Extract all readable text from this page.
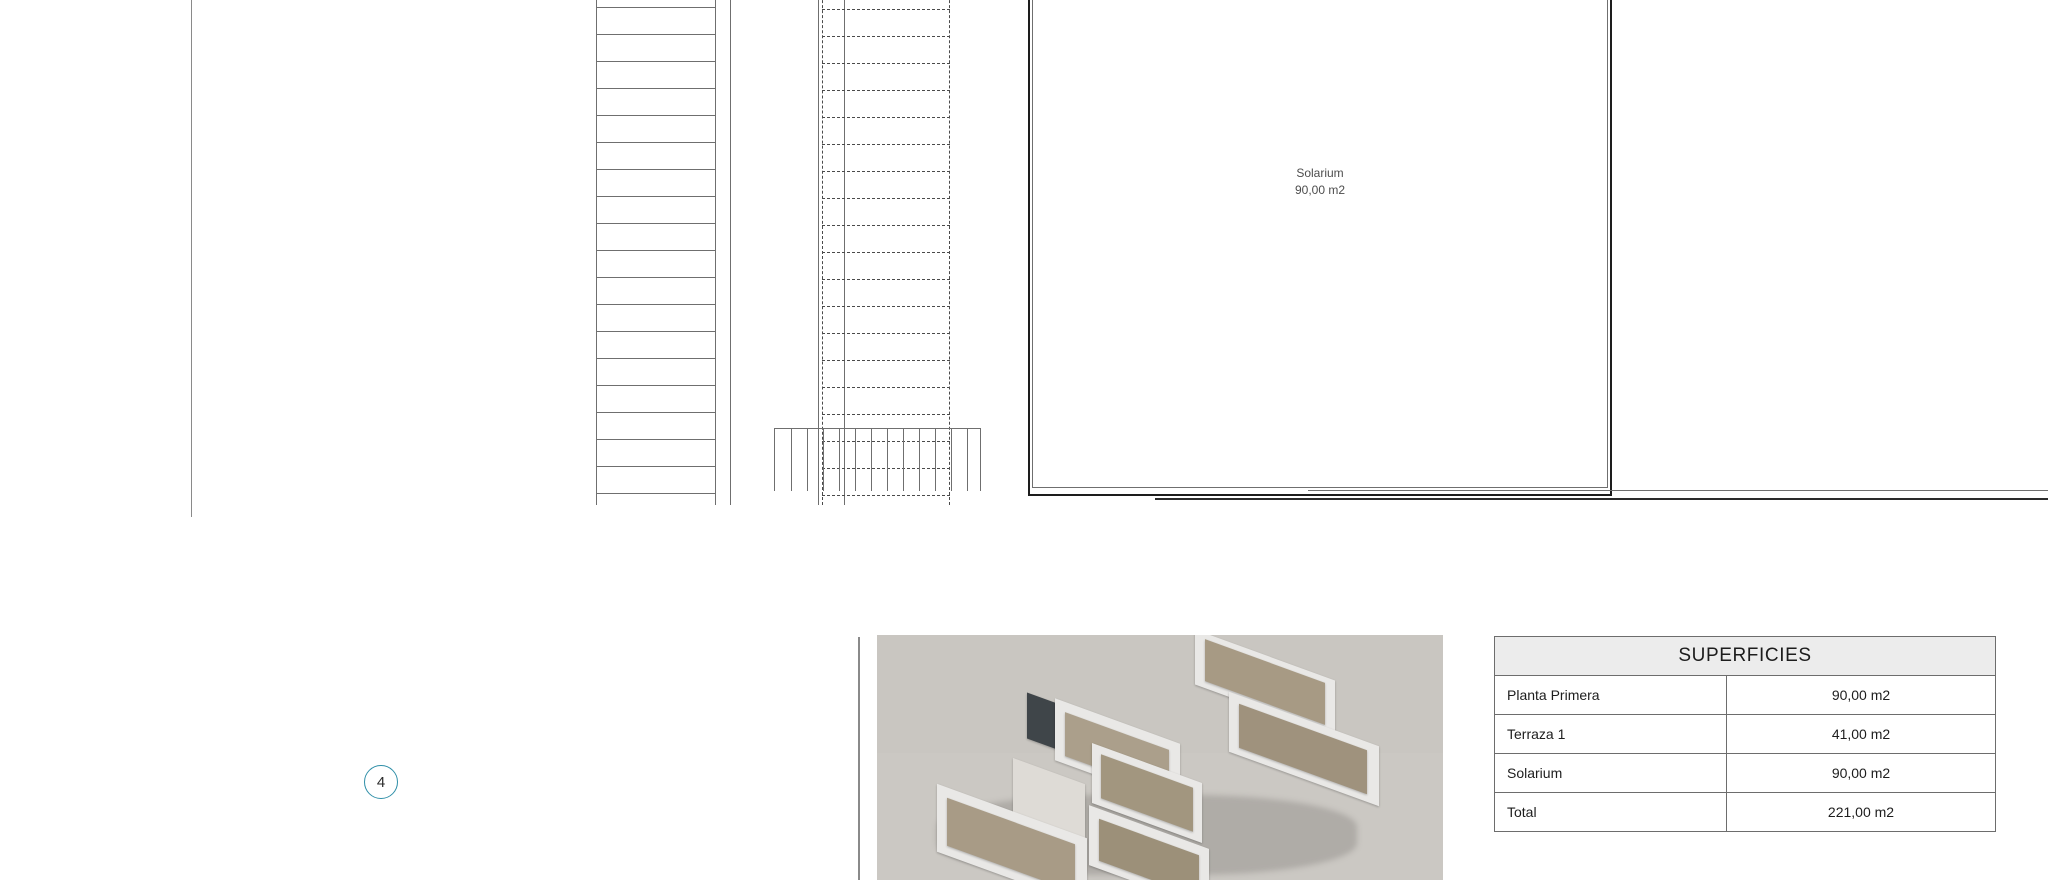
Solarium
90,00 m2
4
SUPERFICIES
Planta Primera	90,00 m2
Terraza 1	41,00 m2
Solarium	90,00 m2
Total	221,00 m2
